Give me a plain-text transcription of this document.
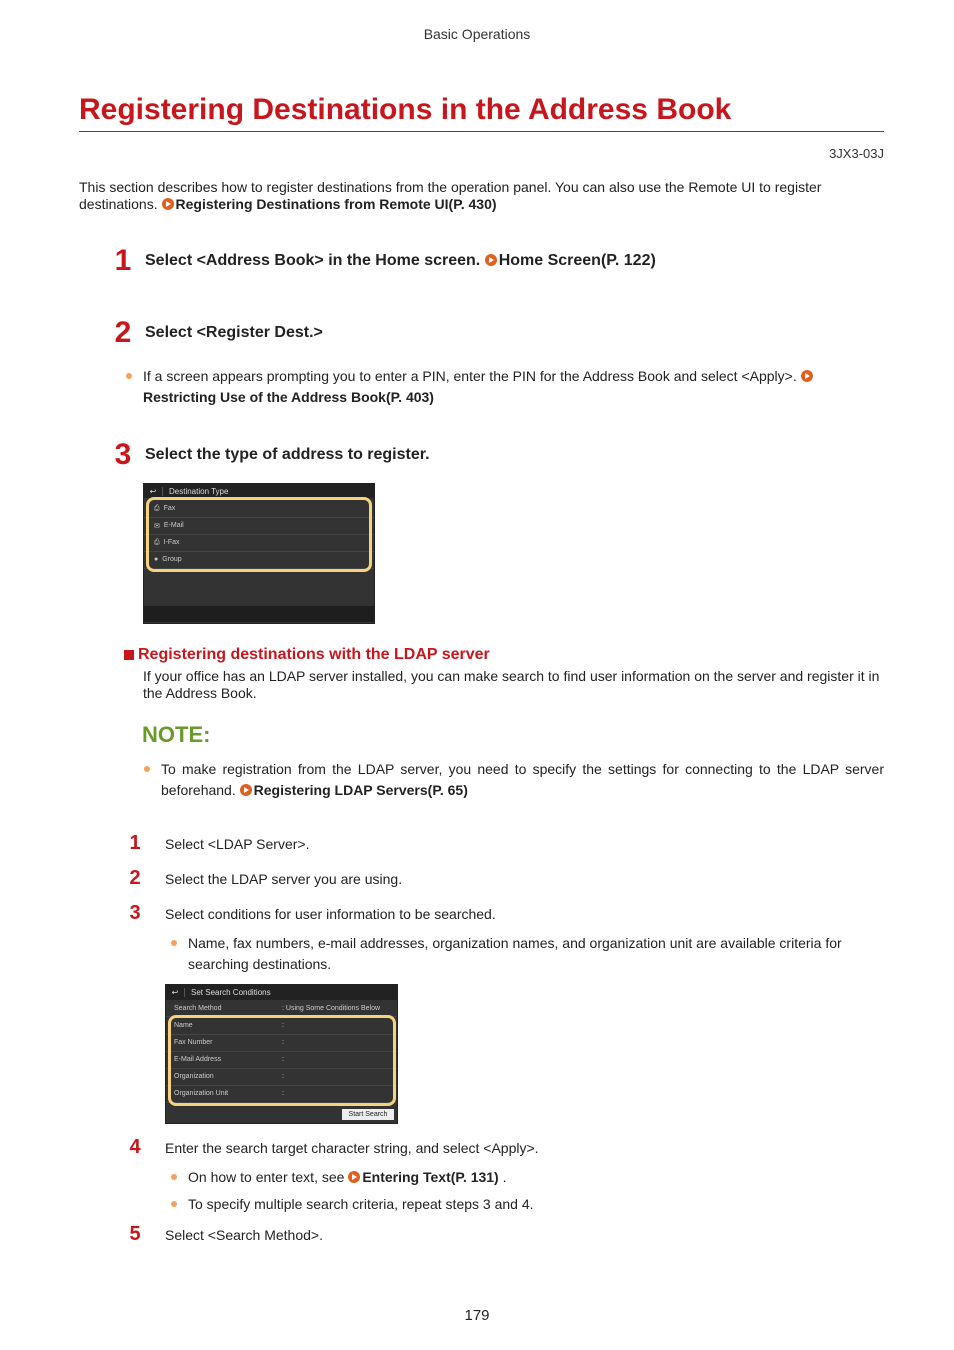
Basic Operations
Registering Destinations in the Address Book
3JX3-03J
This section describes how to register destinations from the operation panel. You can also use the Remote UI to register destinations. Registering Destinations from Remote UI(P. 430)
1 Select <Address Book> in the Home screen. Home Screen(P. 122)
2 Select <Register Dest.>
If a screen appears prompting you to enter a PIN, enter the PIN for the Address Book and select <Apply>.
Restricting Use of the Address Book(P. 403)
3 Select the type of address to register.
↩	Destination Type
⎙ Fax
✉ E-Mail
⎙ I-Fax
● Group
Registering destinations with the LDAP server
If your office has an LDAP server installed, you can make search to find user information on the server and register it in the Address Book.
NOTE:
To make registration from the LDAP server, you need to specify the settings for connecting to the LDAP server beforehand. Registering LDAP Servers(P. 65)
1	Select <LDAP Server>.
2	Select the LDAP server you are using.
3	Select conditions for user information to be searched.
Name, fax numbers, e-mail addresses, organization names, and organization unit are available criteria for searching destinations.
↩	Set Search Conditions
Search Method	: Using Some Conditions Below
Name	:
Fax Number	:
E-Mail Address	:
Organization	:
Organization Unit	:
Start Search
4	Enter the search target character string, and select <Apply>.
On how to enter text, see Entering Text(P. 131) .
To specify multiple search criteria, repeat steps 3 and 4.
5	Select <Search Method>.
179
